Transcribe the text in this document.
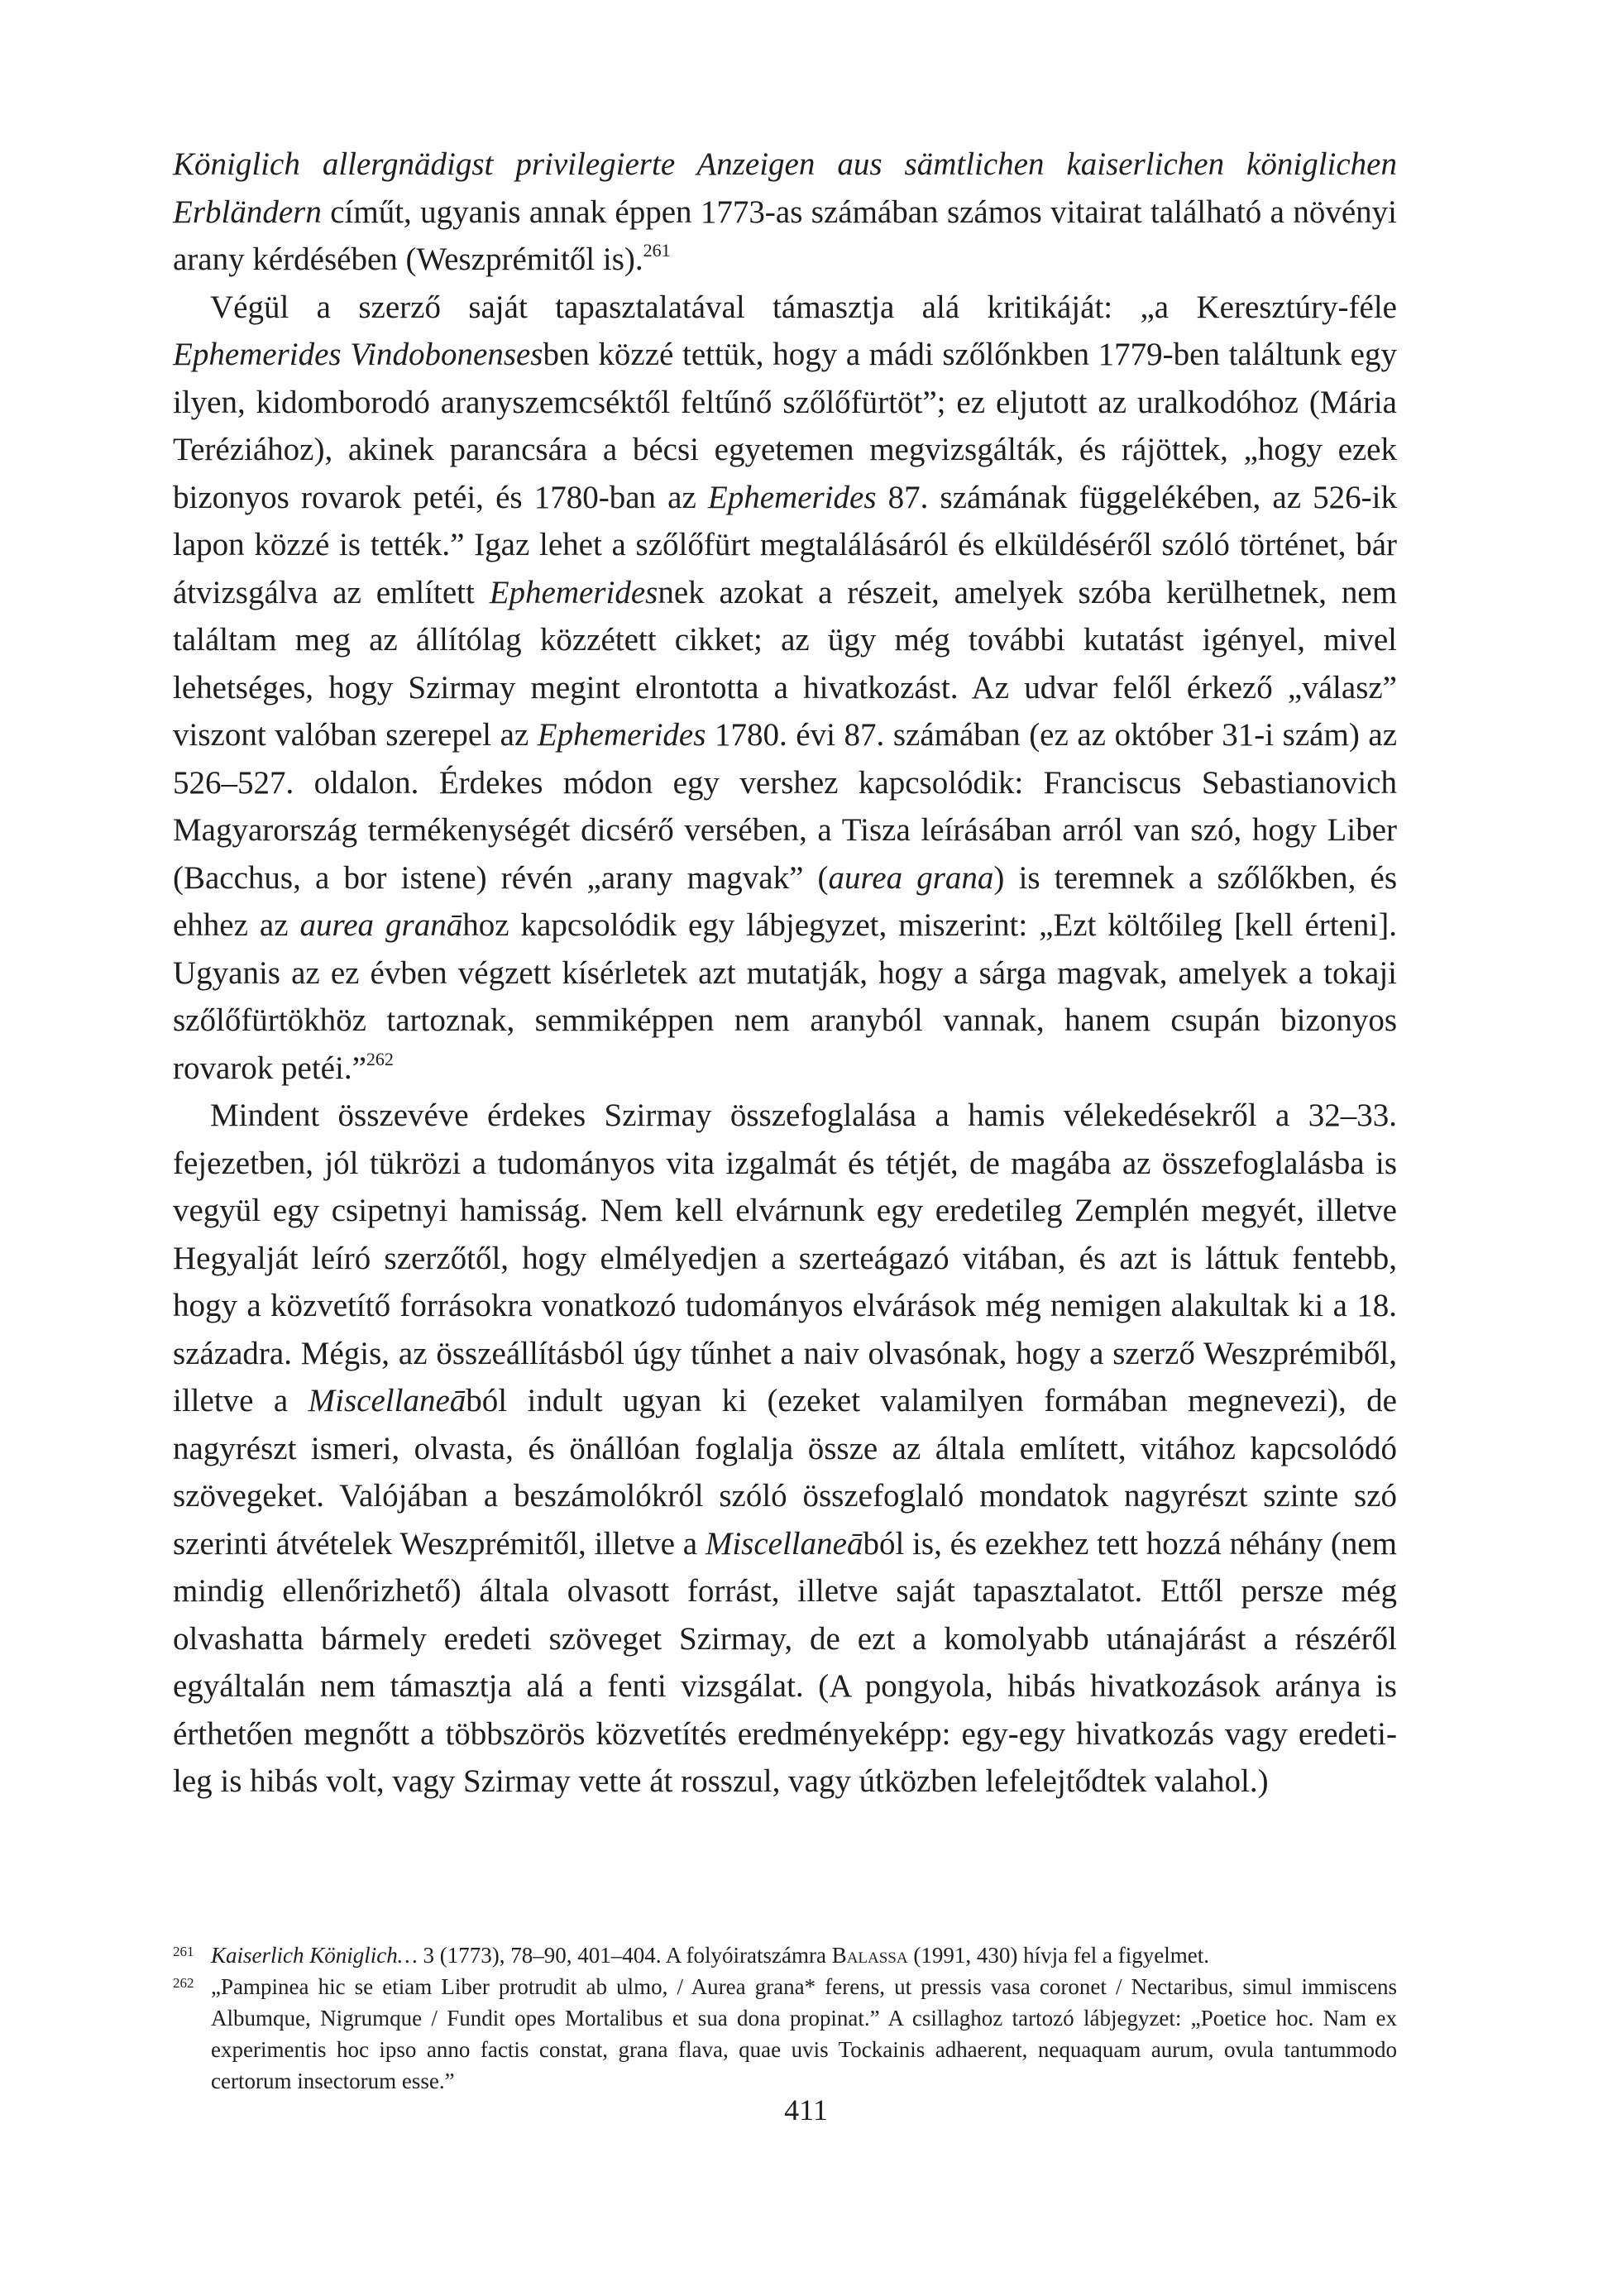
Königlich allergnädigst privilegierte Anzeigen aus sämtlichen kaiserlichen königlichen Erbländern címűt, ugyanis annak éppen 1773-as számában számos vitairat található a növényi arany kérdésében (Weszprémitől is).$^{261}$

Végül a szerző saját tapasztalatával támasztja alá kritikáját: „a Keresztúry-féle Ephemerides Vindobonensesben közzé tettük, hogy a mádi szőlőnkben 1779-ben találtunk egy ilyen, kidomborodó aranyszemcséktől feltűnő szőlőfürtöt”; ez eljutott az uralkodóhoz (Mária Teréziához), akinek parancsára a bécsi egyetemen megvizsgálták, és rájöttek, „hogy ezek bizonyos rovarok petéi, és 1780-ban az Ephemerides 87. számának függelékében, az 526-ik lapon közzé is tették.” Igaz lehet a szőlőfürt megtalálásáról és elküldéséről szóló történet, bár átvizsgálva az említett Ephemeridesnek azokat a részeit, amelyek szóba kerülhetnek, nem találtam meg az állítólag közzétett cikket; az ügy még további kutatást igényel, mivel lehetséges, hogy Szirmay megint elrontotta a hivatkozást. Az udvar felől érkező „válasz” viszont valóban szerepel az Ephemerides 1780. évi 87. számában (ez az október 31-i szám) az 526–527. oldalon. Érdekes módon egy vershez kapcsolódik: Franciscus Sebastianovich Magyarország termékenységét dicsérő versében, a Tisza leírásában arról van szó, hogy Liber (Bacchus, a bor istene) révén „arany magvak” (aurea grana) is teremnek a szőlőkben, és ehhez az aurea granāhoz kapcsolódik egy lábjegyzet, miszerint: „Ezt költőileg [kell érteni]. Ugyanis az ez évben végzett kísérletek azt mutatják, hogy a sárga magvak, amelyek a tokaji szőlőfürtökhöz tartoznak, semmiképpen nem aranyból vannak, hanem csupán bizonyos rovarok petéi.”$^{262}$

Mindent összevéve érdekes Szirmay összefoglalása a hamis vélekedésekről a 32–33. fejezetben, jól tükrözi a tudományos vita izgalmát és tétjét, de magába az összefoglalásba is vegyül egy csipetnyi hamisság. Nem kell elvárnunk egy eredetileg Zemplén megyét, illetve Hegyalját leíró szerzőtől, hogy elmélyedjen a szerteágazó vitában, és azt is láttuk fentebb, hogy a közvetítő forrásokra vonatkozó tudományos elvárások még nemigen alakultak ki a 18. századra. Mégis, az összeállításból úgy tűnhet a naiv olvasónak, hogy a szerző Weszprémiből, illetve a Miscellaneāból indult ugyan ki (ezeket valamilyen formában megnevezi), de nagyrészt ismeri, olvasta, és önállóan foglalja össze az általa említett, vitához kapcsolódó szövegeket. Valójában a beszámolókról szóló összefoglaló mondatok nagyrészt szinte szó szerinti átvételek Weszprémitől, illetve a Miscellaneāból is, és ezekhez tett hozzá néhány (nem mindig ellenőrizhető) általa olvasott forrást, illetve saját tapasztalatot. Ettől persze még olvashatta bármely eredeti szöveget Szirmay, de ezt a komolyabb utánajárást a részéről egyáltalán nem támasztja alá a fenti vizsgálat. (A pongyola, hibás hivatkozások aránya is érthetően megnőtt a többszörös közvetítés eredményeképp: egy-egy hivatkozás vagy eredetileg is hibás volt, vagy Szirmay vette át rosszul, vagy útközben lefelejtődtek valahol.)

261 Kaiserlich Königlich… 3 (1773), 78–90, 401–404. A folyóiratszámra Balassa (1991, 430) hívja fel a figyelmet.

262 „Pampinea hic se etiam Liber protrudit ab ulmo, / Aurea grana* ferens, ut pressis vasa coronet / Nectaribus, simul immiscens Albumque, Nigrumque / Fundit opes Mortalibus et sua dona propinat.” A csillaghoz tartozó lábjegyzet: „Poetice hoc. Nam ex experimentis hoc ipso anno factis constat, grana flava, quae uvis Tockainis adhaerent, nequaquam aurum, ovula tantummodo certorum insectorum esse.”

411
